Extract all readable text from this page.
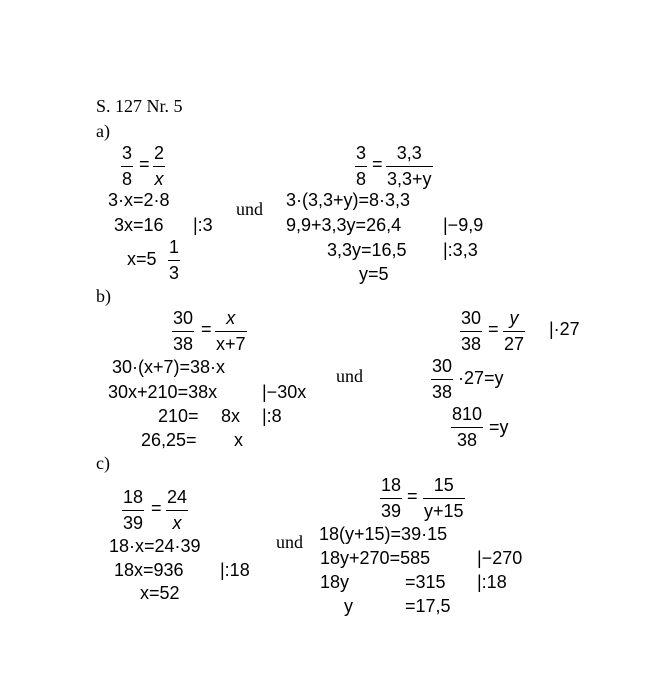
S. 127 Nr. 5
a)
3
8
=
2
x
3·x=2·8
3x=16 |:3
x=5
1
3
und
3
8
=
3,3
3,3+y
3·(3,3+y)=8·3,3
9,9+3,3y=26,4 |−9,9
3,3y=16,5 |:3,3
y=5
b)
30
38
=
x
x+7
30·(x+7)=38·x
30x+210=38x |−30x
210= 8x |:8
26,25= x
und
30
38
=
y
27
|·27
30
38
·27=y
810
38
=y
c)
18
39
=
24
x
18·x=24·39
18x=936 |:18
x=52
und
18
39
=
15
y+15
18(y+15)=39·15
18y+270=585	|−270
18y	=315 |:18
y	=17,5
